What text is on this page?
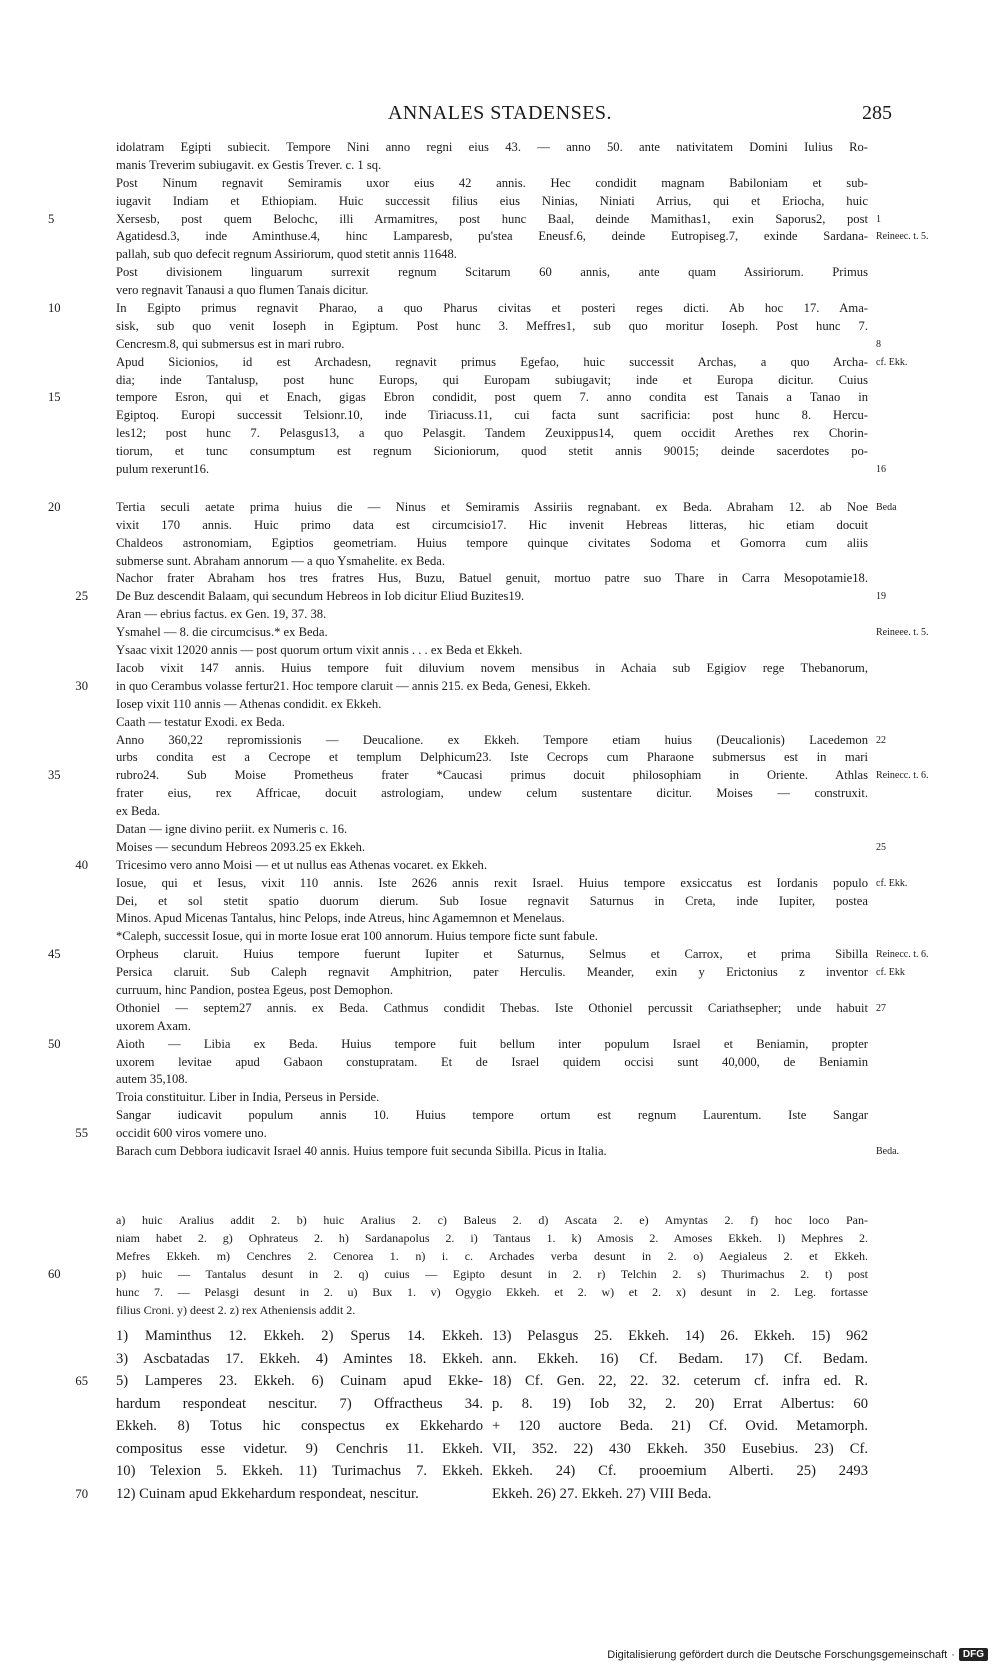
ANNALES STADENSES.	285
idolatram Egipti subiecit. Tempore Nini anno regni eius 43. — anno 50. ante nativitatem Domini Iulius Ro-
manis Treverim subiugavit. ex Gestis Trever. c. 1 sq.
Post Ninum regnavit Semiramis uxor eius 42 annis. Hec condidit magnam Babiloniam et sub-
iugavit Indiam et Ethiopiam. Huic successit filius eius Ninias, Niniati Arrius, qui et Eriocha, huic
Xersesb, post quem Belochc, illi Armamitres, post hunc Baal, deinde Mamithas1, exin Saporus2, post
5	1
Agatidesd.3, inde Aminthuse.4, hinc Lamparesb, pu'stea Eneusf.6, deinde Eutropiseg.7, exinde Sardana- Reineec. t. 5.
pallah, sub quo defecit regnum Assiriorum, quod stetit annis 11648.
Post divisionem linguarum surrexit regnum Scitarum 60 annis, ante quam Assiriorum. Primus
vero regnavit Tanausi a quo flumen Tanais dicitur.
In Egipto primus regnavit Pharao, a quo Pharus civitas et posteri reges dicti. Ab hoc 17. Ama-
10
sisk, sub quo venit Ioseph in Egiptum. Post hunc 3. Meffres1, sub quo moritur Ioseph. Post hunc 7.
Cencresm.8, qui submersus est in mari rubro.	8
Apud Sicionios, id est Archadesn, regnavit primus Egefao, huic successit Archas, a quo Archa- cf. Ekk.
dia; inde Tantalusp, post hunc Europs, qui Europam subiugavit; inde et Europa dicitur. Cuius
tempore Esron, qui et Enach, gigas Ebron condidit, post quem 7. anno condita est Tanais a Tanao in
15
Egiptoq. Europi successit Telsionr.10, inde Tiriacuss.11, cui facta sunt sacrificia: post hunc 8. Hercu-
les12; post hunc 7. Pelasgus13, a quo Pelasgit. Tandem Zeuxippus14, quem occidit Arethes rex Chorin-
tiorum, et tunc consumptum est regnum Sicioniorum, quod stetit annis 90015; deinde sacerdotes po-
pulum rexerunt16.	16
Tertia seculi aetate prima huius die — Ninus et Semiramis Assiriis regnabant. ex Beda. Abraham 12. ab Noe
20	Beda
vixit 170 annis. Huic primo data est circumcisio17. Hic invenit Hebreas litteras, hic etiam docuit
Chaldeos astronomiam, Egiptios geometriam. Huius tempore quinque civitates Sodoma et Gomorra cum aliis
submerse sunt. Abraham annorum — a quo Ysmahelite. ex Beda.
Nachor frater Abraham hos tres fratres Hus, Buzu, Batuel genuit, mortuo patre suo Thare in Carra Mesopotamie18.
De Buz descendit Balaam, qui secundum Hebreos in Iob dicitur Eliud Buzites19.
25	19
Aran — ebrius factus. ex Gen. 19, 37. 38.
Ysmahel — 8. die circumcisus.* ex Beda.	Reineee. t. 5.
Ysaac vixit 12020 annis — post quorum ortum vixit annis . . . ex Beda et Ekkeh.
Iacob vixit 147 annis. Huius tempore fuit diluvium novem mensibus in Achaia sub Egigiov rege Thebanorum,
in quo Cerambus volasse fertur21. Hoc tempore claruit — annis 215. ex Beda, Genesi, Ekkeh.
30
Iosep vixit 110 annis — Athenas condidit. ex Ekkeh.
Caath — testatur Exodi. ex Beda.
Anno 360,22 repromissionis — Deucalione. ex Ekkeh. Tempore etiam huius (Deucalionis) Lacedemon 22
urbs condita est a Cecrope et templum Delphicum23. Iste Cecrops cum Pharaone submersus est in mari
rubro24. Sub Moise Prometheus frater *Caucasi primus docuit philosophiam in Oriente. Athlas
35	Reinecc. t. 6.
frater eius, rex Affricae, docuit astrologiam, undew celum sustentare dicitur. Moises — construxit.
ex Beda.
Datan — igne divino periit. ex Numeris c. 16.
Moises — secundum Hebreos 2093.25 ex Ekkeh.	25
Tricesimo vero anno Moisi — et ut nullus eas Athenas vocaret. ex Ekkeh.
40
Iosue, qui et Iesus, vixit 110 annis. Iste 2626 annis rexit Israel. Huius tempore exsiccatus est Iordanis populo cf. Ekk.
Dei, et sol stetit spatio duorum dierum. Sub Iosue regnavit Saturnus in Creta, inde Iupiter, postea
Minos. Apud Micenas Tantalus, hinc Pelops, inde Atreus, hinc Agamemnon et Menelaus.
*Caleph, successit Iosue, qui in morte Iosue erat 100 annorum. Huius tempore ficte sunt fabule.
Orpheus claruit. Huius tempore fuerunt Iupiter et Saturnus, Selmus et Carrox, et prima Sibilla
45	Reinecc. t. 6.
Persica claruit. Sub Caleph regnavit Amphitrion, pater Herculis. Meander, exin y Erictonius z inventor cf. Ekk
curruum, hinc Pandion, postea Egeus, post Demophon.
Othoniel — septem27 annis. ex Beda. Cathmus condidit Thebas. Iste Othoniel percussit Cariathsepher; unde habuit 27
uxorem Axam.
Aioth — Libia ex Beda. Huius tempore fuit bellum inter populum Israel et Beniamin, propter
50
uxorem levitae apud Gabaon constupratam. Et de Israel quidem occisi sunt 40,000, de Beniamin
autem 35,108.
Troia constituitur. Liber in India, Perseus in Perside.
Sangar iudicavit populum annis 10. Huius tempore ortum est regnum Laurentum. Iste Sangar
occidit 600 viros vomere uno.
55
Barach cum Debbora iudicavit Israel 40 annis. Huius tempore fuit secunda Sibilla. Picus in Italia.	Beda.
a) huic Aralius addit 2. b) huic Aralius 2. c) Baleus 2. d) Ascata 2. e) Amyntas 2. f) hoc loco Pan-
niam habet 2. g) Ophrateus 2. h) Sardanapolus 2. i) Tantaus 1. k) Amosis 2. Amoses Ekkeh. l) Mephres 2.
Mefres Ekkeh. m) Cenchres 2. Cenorea 1. n) i. c. Archades verba desunt in 2. o) Aegialeus 2. et Ekkeh.
p) huic — Tantalus desunt in 2. q) cuius — Egipto desunt in 2. r) Telchin 2. s) Thurimachus 2. t) post
60
hunc 7. — Pelasgi desunt in 2. u) Bux 1. v) Ogygio Ekkeh. et 2. w) et 2. x) desunt in 2. Leg. fortasse
filius Croni. y) deest 2. z) rex Atheniensis addit 2.
1) Maminthus 12. Ekkeh. 2) Sperus 14. Ekkeh. 13) Pelasgus 25. Ekkeh. 14) 26. Ekkeh. 15) 962
3) Ascbatadas 17. Ekkeh. 4) Amintes 18. Ekkeh. ann. Ekkeh. 16) Cf. Bedam. 17) Cf. Bedam.
5) Lamperes 23. Ekkeh. 6) Cuinam apud Ekke- 18) Cf. Gen. 22, 22. 32. ceterum cf. infra ed. R.
65
hardum respondeat nescitur. 7) Offractheus 34. p. 8. 19) Iob 32, 2. 20) Errat Albertus: 60
Ekkeh. 8) Totus hic conspectus ex Ekkehardo + 120 auctore Beda. 21) Cf. Ovid. Metamorph.
compositus esse videtur. 9) Cenchris 11. Ekkeh. VII, 352. 22) 430 Ekkeh. 350 Eusebius. 23) Cf.
10) Telexion 5. Ekkeh. 11) Turimachus 7. Ekkeh. Ekkeh. 24) Cf. prooemium Alberti. 25) 2493
12) Cuinam apud Ekkehardum respondeat, nescitur.	Ekkeh. 26) 27. Ekkeh. 27) VIII Beda.
70
Digitalisierung gefördert durch die Deutsche Forschungsgemeinschaft · DFG
